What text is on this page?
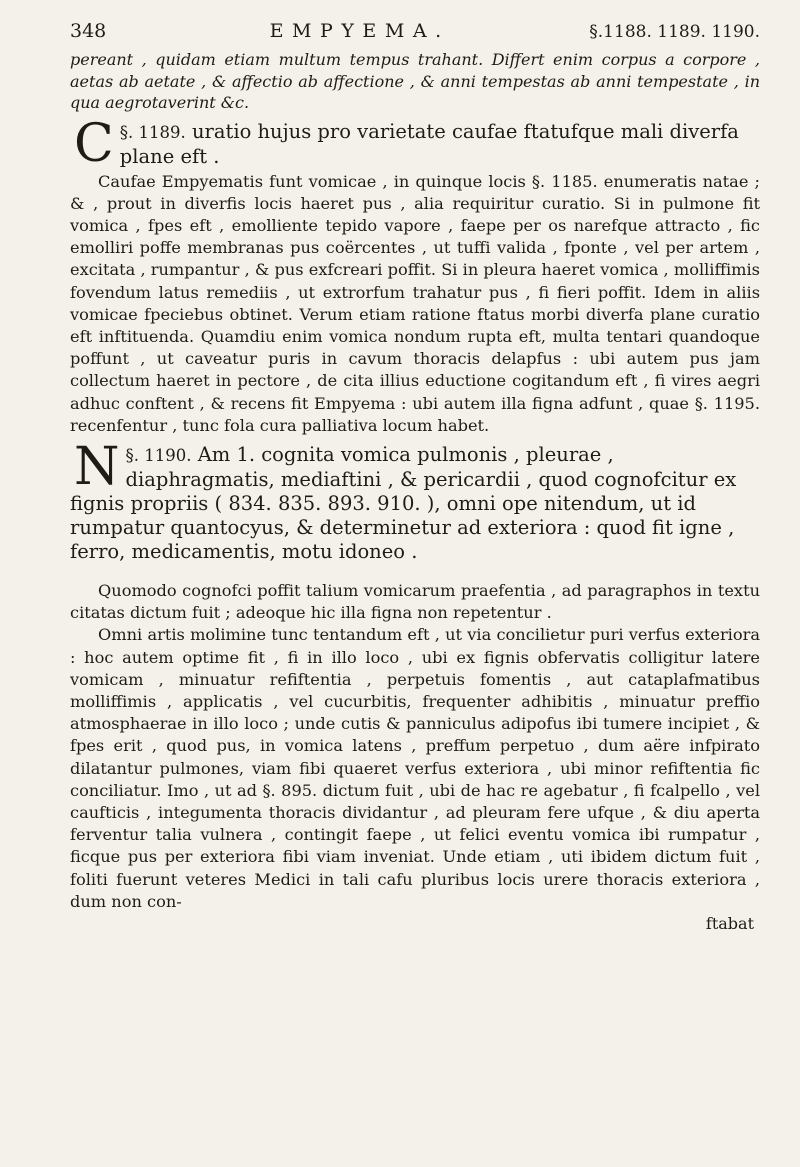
348	EMPYEMA.	§.1188. 1189. 1190.

pereant , quidam etiam multum tempus trahant. Differt enim corpus a corpore , aetas ab aetate , & affectio ab affectione , & anni tempestas ab anni tempestate , in qua aegrotaverint &c.

§. 1189.
C	uratio hujus pro varietate caufae ftatufque mali diverfa plane eft .

Caufae Empyematis funt vomicae , in quinque locis §. 1185. enumeratis natae ; & , prout in diverfis locis haeret pus , alia requiritur curatio. Si in pulmone fit vomica , fpes eft , emolliente tepido vapore , faepe per os narefque attracto , fic emolliri poffe membranas pus coërcentes , ut tuffi valida , fponte , vel per artem , excitata , rumpantur , & pus exfcreari poffit. Si in pleura haeret vomica , molliffimis fovendum latus remediis , ut extrorfum trahatur pus , fi fieri poffit. Idem in aliis vomicae fpeciebus obtinet. Verum etiam ratione ftatus morbi diverfa plane curatio eft inftituenda. Quamdiu enim vomica nondum rupta eft, multa tentari quandoque poffunt , ut caveatur puris in cavum thoracis delapfus : ubi autem pus jam collectum haeret in pectore , de cita illius eductione cogitandum eft , fi vires aegri adhuc conftent , & recens fit Empyema : ubi autem illa figna adfunt , quae §. 1195. recenfentur , tunc fola cura palliativa locum habet.

§. 1190.
N	Am 1. cognita vomica pulmonis , pleurae , diaphragmatis, mediaftini , & pericardii , quod cognofcitur ex fignis propriis ( 834. 835. 893. 910. ), omni ope nitendum, ut id rumpatur quantocyus, & determinetur ad exteriora : quod fit igne , ferro, medicamentis, motu idoneo .

Quomodo cognofci poffit talium vomicarum praefentia , ad paragraphos in textu citatas dictum fuit ; adeoque hic illa figna non repetentur .

Omni artis molimine tunc tentandum eft , ut via concilietur puri verfus exteriora : hoc autem optime fit , fi in illo loco , ubi ex fignis obfervatis colligitur latere vomicam , minuatur refiftentia , perpetuis fomentis , aut cataplafmatibus molliffimis , applicatis , vel cucurbitis, frequenter adhibitis , minuatur preffio atmosphaerae in illo loco ; unde cutis & panniculus adipofus ibi tumere incipiet , & fpes erit , quod pus, in vomica latens , preffum perpetuo , dum aëre infpirato dilatantur pulmones, viam fibi quaeret verfus exteriora , ubi minor refiftentia fic conciliatur. Imo , ut ad §. 895. dictum fuit , ubi de hac re agebatur , fi fcalpello , vel caufticis , integumenta thoracis dividantur , ad pleuram fere ufque , & diu aperta ferventur talia vulnera , contingit faepe , ut felici eventu vomica ibi rumpatur , ficque pus per exteriora fibi viam inveniat. Unde etiam , uti ibidem dictum fuit , foliti fuerunt veteres Medici in tali cafu pluribus locis urere thoracis exteriora , dum non con-

ftabat
